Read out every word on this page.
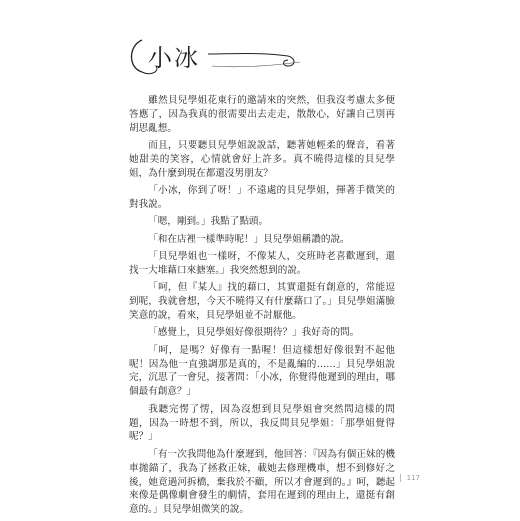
小冰

雖然貝兒學姐花東行的邀請來的突然，但我沒考慮太多便答應了，因為我真的很需要出去走走，散散心，好讓自己別再胡思亂想。

而且，只要聽貝兒學姐說說話，聽著她輕柔的聲音，看著她甜美的笑容，心情就會好上許多。真不曉得這樣的貝兒學姐，為什麼到現在都還沒男朋友？

「小冰，你到了呀！」不遠處的貝兒學姐，揮著手微笑的對我說。

「嗯，剛到。」我點了點頭。

「和在店裡一樣準時呢！」貝兒學姐稱讚的說。

「貝兒學姐也一樣呀，不像某人，交班時老喜歡遲到，還找一大堆藉口來搪塞。」我突然想到的說。

「呵，但『某人』找的藉口，其實還挺有創意的，常能逗到呢，我就會想，今天不曉得又有什麼藉口了。」貝兒學姐滿臉笑意的說，看來，貝兒學姐並不討厭他。

「感覺上，貝兒學姐好像很期待？」我好奇的問。

「呵，是嗎？好像有一點喔！但這樣想好像很對不起他呢！因為他一直強調那是真的，不是亂編的……」貝兒學姐說完，沉思了一會兒，接著問：「小冰，你覺得他遲到的理由，哪個最有創意？」

我聽完愣了愣，因為沒想到貝兒學姐會突然問這樣的問題，因為一時想不到，所以，我反問貝兒學姐：「那學姐覺得呢？」

「有一次我問他為什麼遲到，他回答：『因為有個正妹的機車拋錨了，我為了拯救正妹，載她去修理機車，想不到修好之後，她竟過河拆橋，棄我於不顧，所以才會遲到的。』呵，聽起來像是偶像劇會發生的劇情，套用在遲到的理由上，還挺有創意的。」貝兒學姐微笑的說。

117
